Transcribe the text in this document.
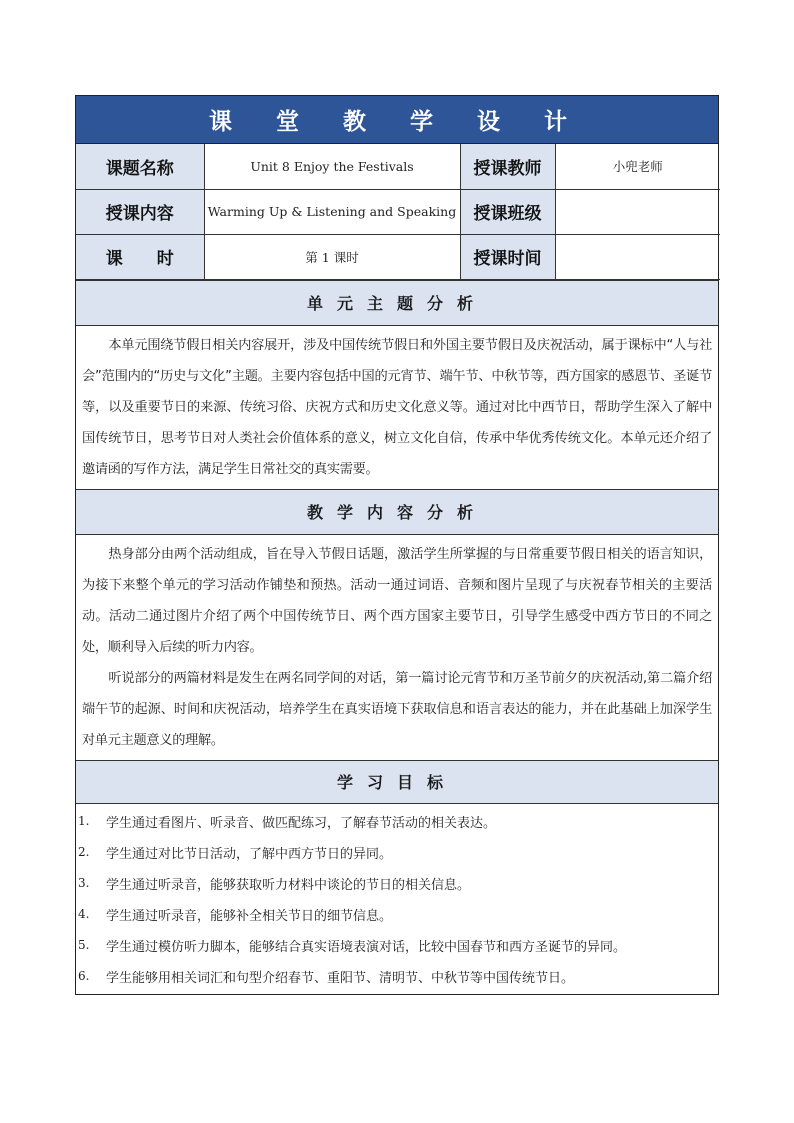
课 堂 教 学 设 计
课题名称	Unit 8 Enjoy the Festivals	授课教师	小兜老师
授课内容	Warming Up & Listening and Speaking	授课班级	
课　　时	第 1 课时	授课时间	
单元主题分析

本单元围绕节假日相关内容展开，涉及中国传统节假日和外国主要节假日及庆祝活动，属于课标中“人与社会”范围内的“历史与文化”主题。主要内容包括中国的元宵节、端午节、中秋节等，西方国家的感恩节、圣诞节等，以及重要节日的来源、传统习俗、庆祝方式和历史文化意义等。通过对比中西节日，帮助学生深入了解中国传统节日，思考节日对人类社会价值体系的意义，树立文化自信，传承中华优秀传统文化。本单元还介绍了邀请函的写作方法，满足学生日常社交的真实需要。

教学内容分析

热身部分由两个活动组成，旨在导入节假日话题，激活学生所掌握的与日常重要节假日相关的语言知识，为接下来整个单元的学习活动作铺垫和预热。活动一通过词语、音频和图片呈现了与庆祝春节相关的主要活动。活动二通过图片介绍了两个中国传统节日、两个西方国家主要节日，引导学生感受中西方节日的不同之处，顺利导入后续的听力内容。

听说部分的两篇材料是发生在两名同学间的对话，第一篇讨论元宵节和万圣节前夕的庆祝活动,第二篇介绍端午节的起源、时间和庆祝活动，培养学生在真实语境下获取信息和语言表达的能力，并在此基础上加深学生对单元主题意义的理解。

学习目标
1.	学生通过看图片、听录音、做匹配练习，了解春节活动的相关表达。
2.	学生通过对比节日活动，了解中西方节日的异同。
3.	学生通过听录音，能够获取听力材料中谈论的节日的相关信息。
4.	学生通过听录音，能够补全相关节日的细节信息。
5.	学生通过模仿听力脚本，能够结合真实语境表演对话，比较中国春节和西方圣诞节的异同。
6.	学生能够用相关词汇和句型介绍春节、重阳节、清明节、中秋节等中国传统节日。
